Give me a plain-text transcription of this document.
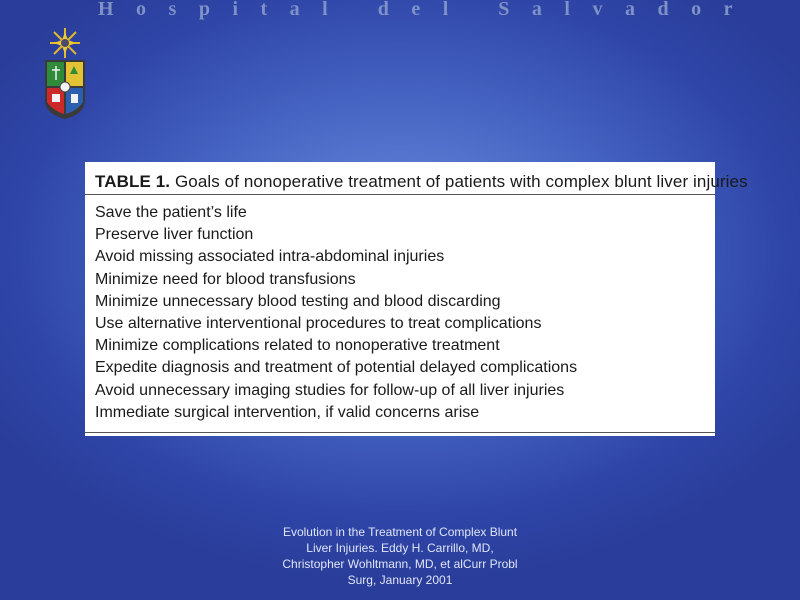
Hospital del Salvador
TABLE 1. Goals of nonoperative treatment of patients with complex blunt liver injuries
Save the patient’s life
Preserve liver function
Avoid missing associated intra-abdominal injuries
Minimize need for blood transfusions
Minimize unnecessary blood testing and blood discarding
Use alternative interventional procedures to treat complications
Minimize complications related to nonoperative treatment
Expedite diagnosis and treatment of potential delayed complications
Avoid unnecessary imaging studies for follow-up of all liver injuries
Immediate surgical intervention, if valid concerns arise
Evolution in the Treatment of Complex Blunt Liver Injuries. Eddy H. Carrillo, MD, Christopher Wohltmann, MD, et alCurr Probl Surg, January 2001
